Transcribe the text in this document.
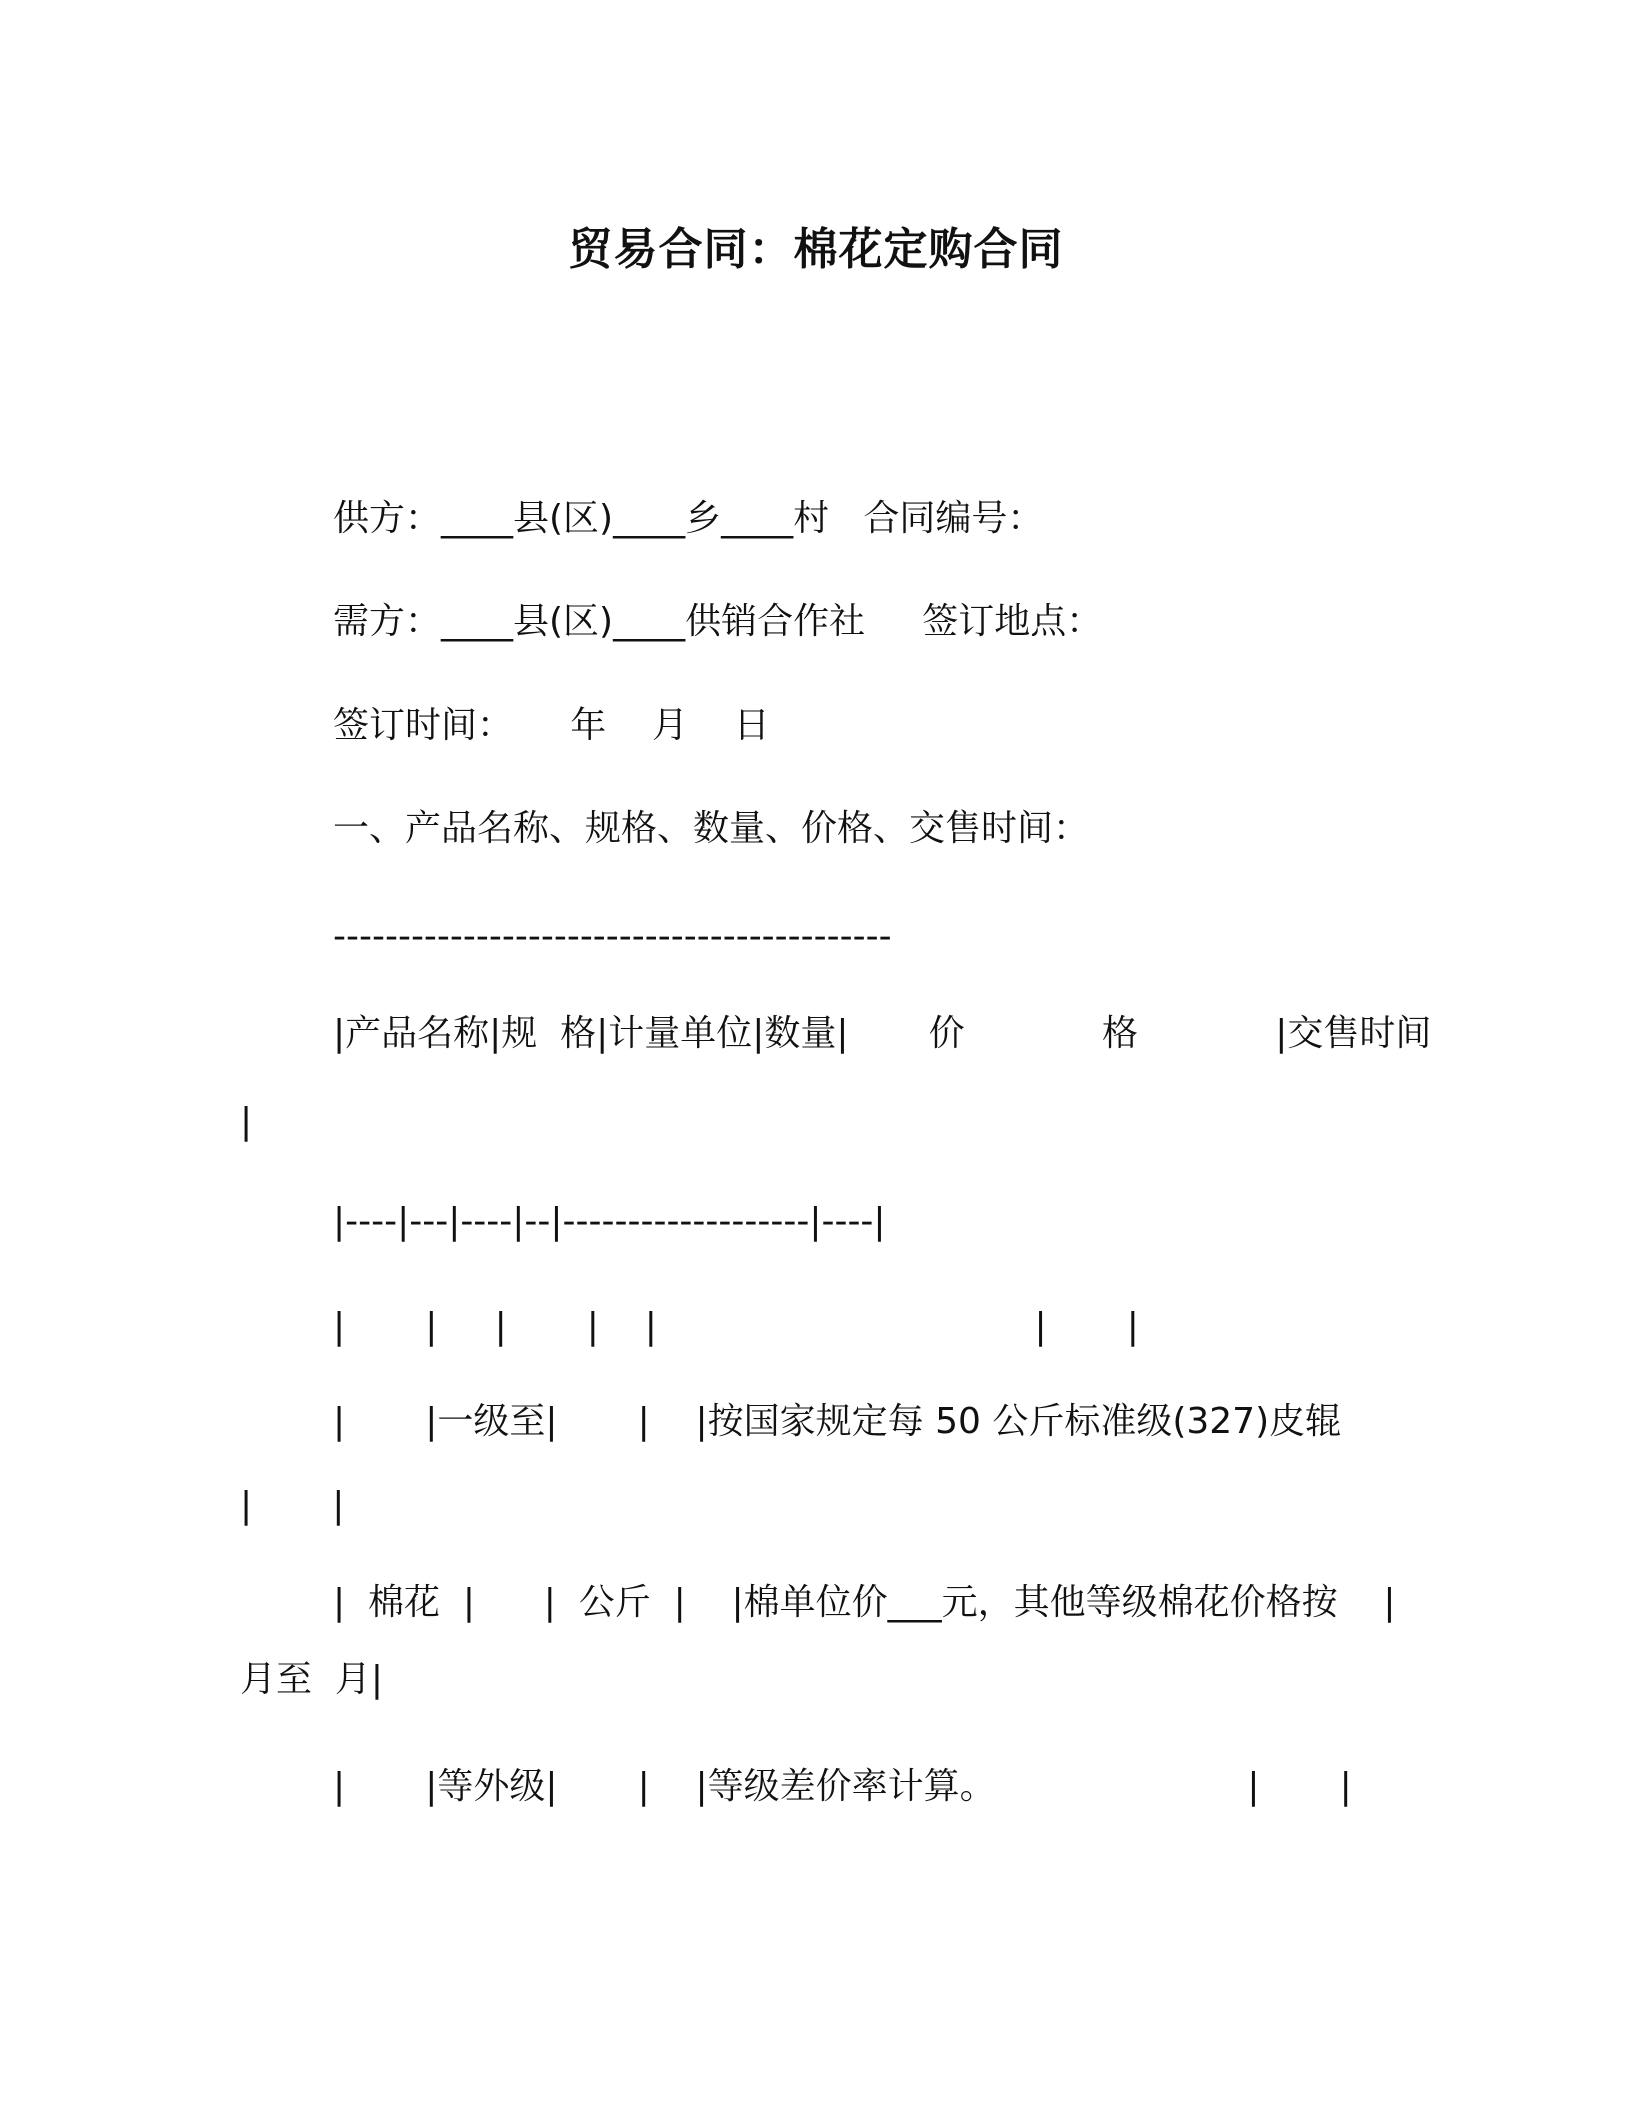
贸易合同：棉花定购合同
供方：____县(区)____乡____村   合同编号：
需方：____县(区)____供销合作社     签订地点：
签订时间：     年    月    日
一、产品名称、规格、数量、价格、交售时间：
-------------------------------------------
|产品名称|规  格|计量单位|数量|       价            格            |交售时间
|
|----|---|----|--|-------------------|----|
|       |     |       |    |                                 |       |
|       |一级至|       |    |按国家规定每 50 公斤标准级(327)皮辊
|       |
|  棉花  |      |  公斤  |    |棉单位价___元，其他等级棉花价格按    |
月至  月|
|       |等外级|       |    |等级差价率计算。                      |       |
